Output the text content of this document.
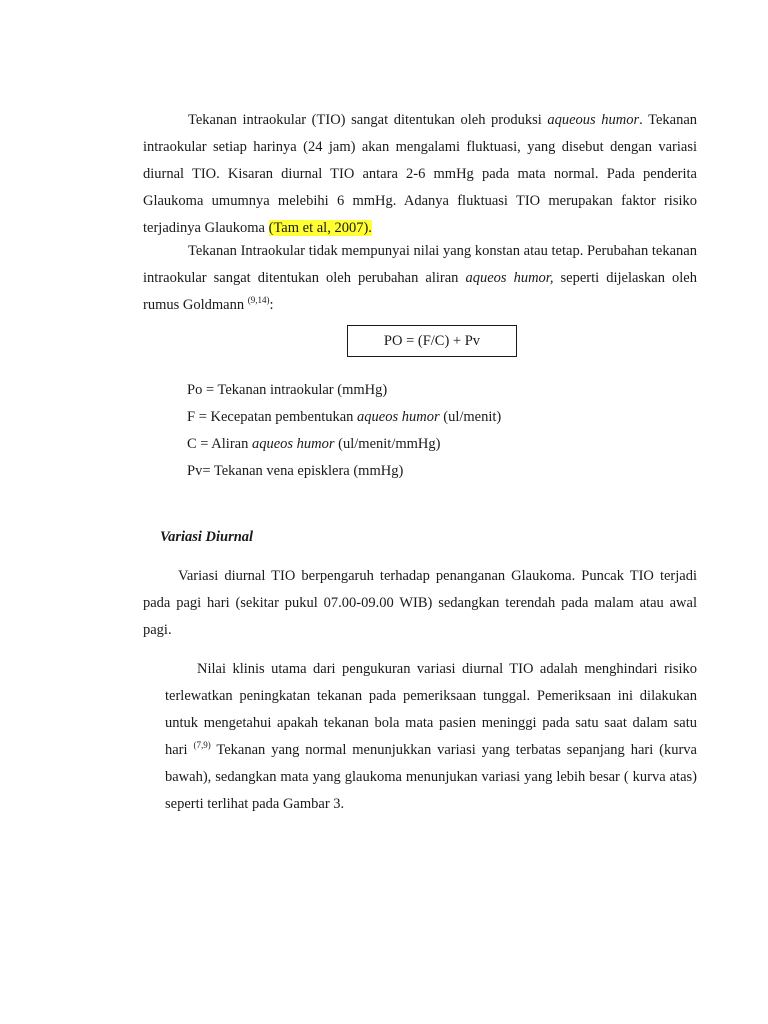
Tekanan intraokular (TIO) sangat ditentukan oleh produksi aqueous humor. Tekanan intraokular setiap harinya (24 jam) akan mengalami fluktuasi, yang disebut dengan variasi diurnal TIO. Kisaran diurnal TIO antara 2-6 mmHg pada mata normal. Pada penderita Glaukoma umumnya melebihi 6 mmHg. Adanya fluktuasi TIO merupakan faktor risiko terjadinya Glaukoma (Tam et al, 2007).

Tekanan Intraokular tidak mempunyai nilai yang konstan atau tetap. Perubahan tekanan intraokular sangat ditentukan oleh perubahan aliran aqueos humor, seperti dijelaskan oleh rumus Goldmann $^{(9,14)}$:

PO = (F/C) + Pv

Po = Tekanan intraokular (mmHg)

F = Kecepatan pembentukan aqueos humor (ul/menit)

C = Aliran aqueos humor (ul/menit/mmHg)

Pv= Tekanan vena episklera (mmHg)

Variasi Diurnal

Variasi diurnal TIO berpengaruh terhadap penanganan Glaukoma. Puncak TIO terjadi pada pagi hari (sekitar pukul 07.00-09.00 WIB) sedangkan terendah pada malam atau awal pagi.

Nilai klinis utama dari pengukuran variasi diurnal TIO adalah menghindari risiko terlewatkan peningkatan tekanan pada pemeriksaan tunggal. Pemeriksaan ini dilakukan untuk mengetahui apakah tekanan bola mata pasien meninggi pada satu saat dalam satu hari $^{(7,9)}$ Tekanan yang normal menunjukkan variasi yang terbatas sepanjang hari (kurva bawah), sedangkan mata yang glaukoma menunjukan variasi yang lebih besar ( kurva atas) seperti terlihat pada Gambar 3.
